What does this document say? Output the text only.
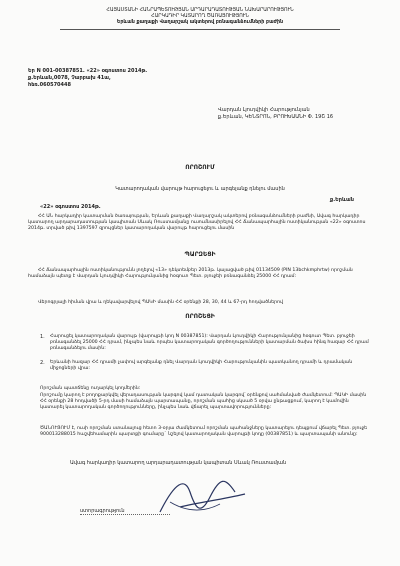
ՀԱՅԱՍՏԱՆԻ ՀԱՆՐԱՊԵՏՈՒԹՅԱՆ ԱՐԴԱՐԱԴԱՏՈՒԹՅԱՆ ՆԱԽԱՐԱՐՈՒԹՅՈՒՆ
ՀԱՐԿԱԴԻՐ ԿԱՏԱՐՈՂ ԾԱՌԱՅՈՒԹՅՈՒՆ
Երևան քաղաքի Վաղարշակ ակտերով բռնագանձումների բաժին
Եր N 001-00387851. «22» օգոստոս 2014թ.
ք.Երևան,0078, Չարբախ 41ա,
հեռ.060570448
Վարդան Լյուդվիկի Հարությունյան
ք.Երևան, ԿԵՆՏՐՈՆ, ԲՐՈՒԽԱԱՆԻ Փ. 19Շ 16
ՈՐՈՇՈՒՄ
Կատարողական վարույթ հարուցելու և արգելանք դնելու մասին
ք.Երևան
«22» օգոստոս 2014թ.
ՀՀ ԱՆ հարկադիր կատարման ծառայության, Երևան քաղաքի Վաղարշակ ակտերով բռնագանձումների բաժնի, Ավագ հարկադիր կատարող արդարադատության կապիտան Սևակ Ռուստամյանը ուսումնասիրելով ՀՀ Ճանապարհային ոստիկանության «22» օգոստոս 2014թ. տրված թիվ 1397597 զրույցներ կատարողական վարույթ հարուցելու մասին
ՊԱՐԶԵՑԻ
ՀՀ Ճանապարհային ոստիկանությունն լողելով «13» դեկտեմբեր 2013թ. կայացված թիվ 01134509 (PIN 13bchkmphrtw) որոշման համաձայն պետք է Վարդան Լյուդվիկի Հարությունյանից հօգուտ Պետ. բյուջեի բռնագանձել 25000 ՀՀ դրամ:
Վերոգրյալի հիման վրա և ղեկավարվելով ՊԱԿԻ մասին ՀՀ օրենքի 28, 30, 44 և 67-րդ հոդվածներով
ՈՐՈՇԵՑԻ
1. Հարուցել կատարողական վարույթ (վարույթի կոդ N 00387851): Վարդան Լյուդվիկի Հարությունյանից հօգուտ Պետ. բյուջեի բռնագանձել 25000 ՀՀ դրամ, ինչպես նաև որպես կատարողական գործողությունների կատարման ծախս հինգ հազար ՀՀ դրամ բռնագանձելու մասին:
2. Երևանի հազար ՀՀ դրամի չափով արգելանք դնել Վարդան Լյուդվիկի Հարությունյանին պատկանող դրամի և դրամական միջոցների վրա:
Որոշման պատճենը ուղարկել կողմերին:
Որոշումը կարող է բողոքարկվել վերադասության կարգով կամ դատական կարգով՝ օրենքով սահմանված ժամկետում: ՊԱԿԻ մասին ՀՀ օրենքի 28 հոդվածի 5-րդ մասի համաձայն պարտապանը, որոշման պահից սկսած 5 օրվա ընթացքում, կարող է կամովին կատարել կատարողական գործողությունները, ինչպես նաև վճարել պարտավորությունները:
ԾԱՆՈՒՑՈՒՄ է, ուսի որոշման ստանալուց հետո 3-օրյա ժամկետում որոշման պահանջները կատարելու դեպքում վճարել Պետ. բյուջե 900013288015 հաշվեհամարին պարտքի գումարը` նշելով կատարողական վարույթի կոդը (00387851) և պարտապանի անունը:
Ավագ հարկադիր կատարող արդարադատության կապիտան Սևակ Ռուստամյան
ստորագրություն
